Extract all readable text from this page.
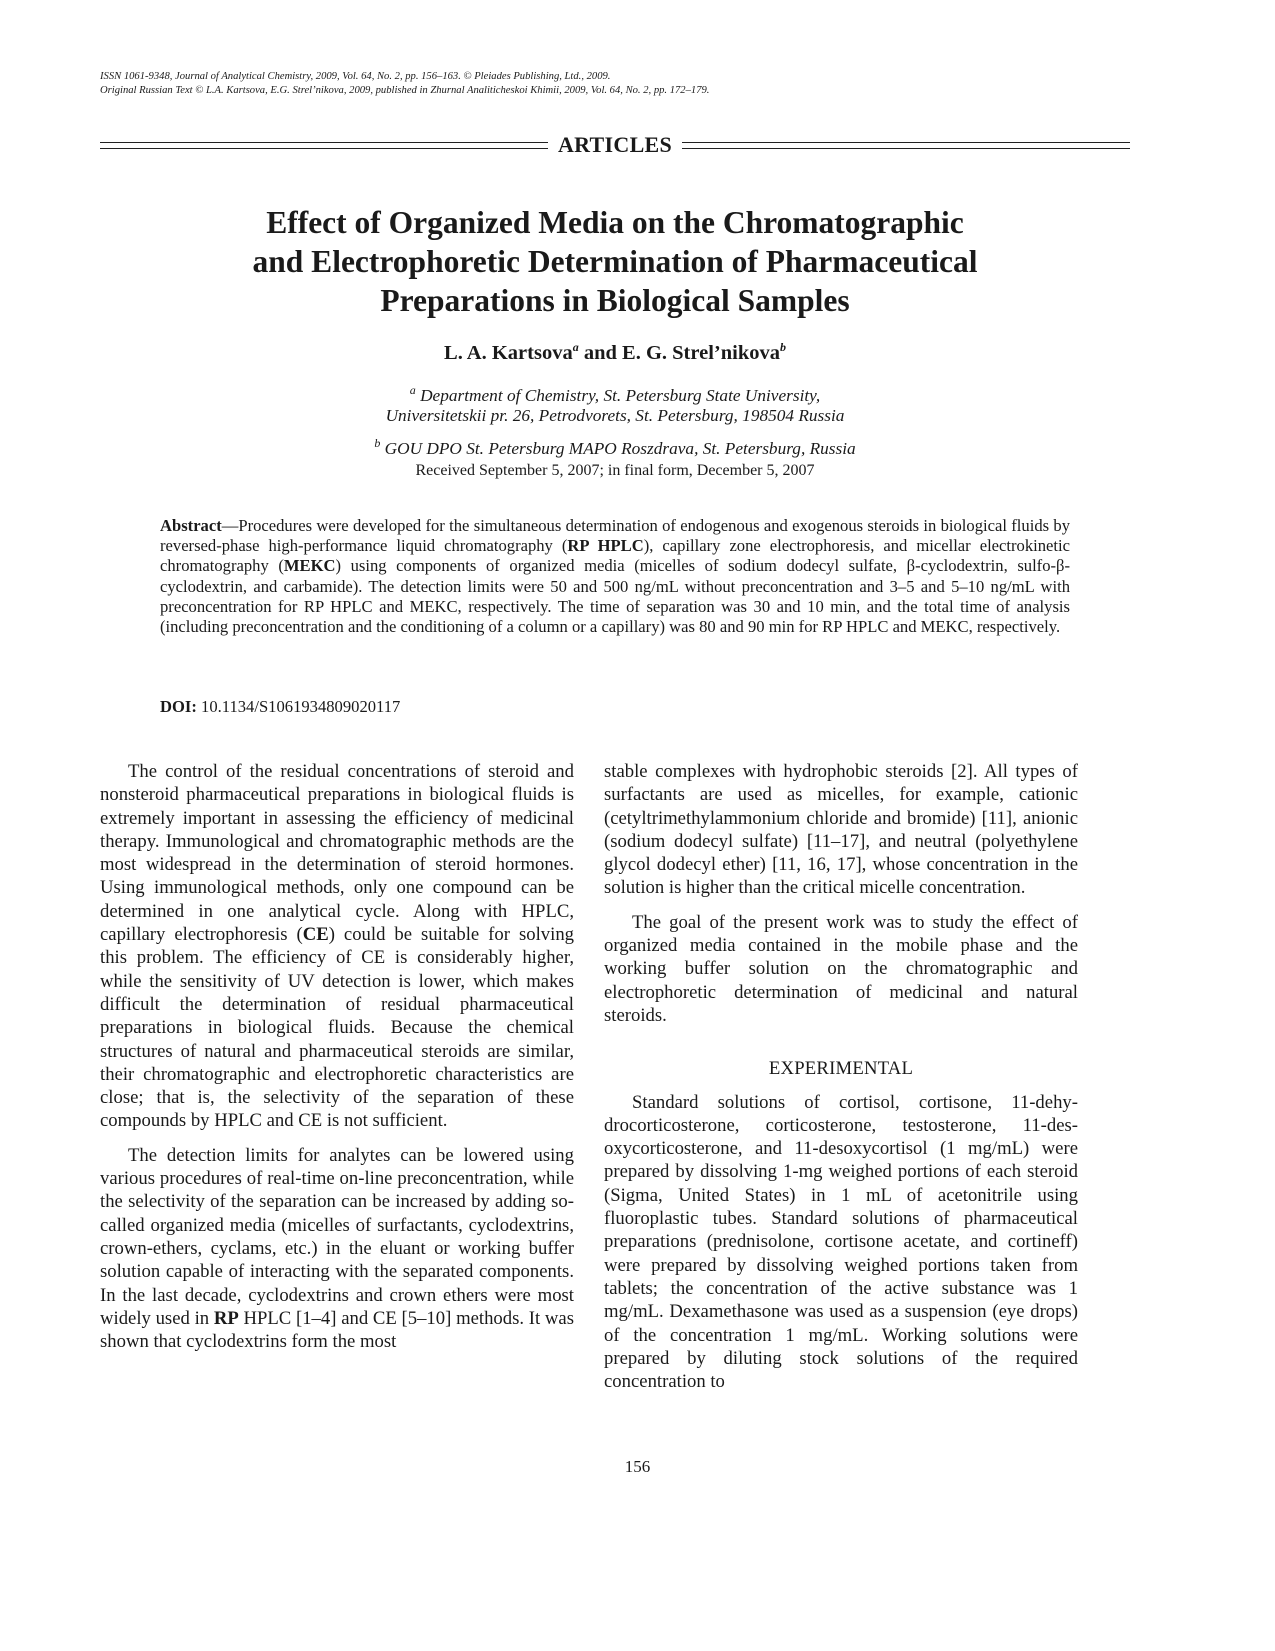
ISSN 1061-9348, Journal of Analytical Chemistry, 2009, Vol. 64, No. 2, pp. 156–163. © Pleiades Publishing, Ltd., 2009.
Original Russian Text © L.A. Kartsova, E.G. Strel’nikova, 2009, published in Zhurnal Analiticheskoi Khimii, 2009, Vol. 64, No. 2, pp. 172–179.
ARTICLES
Effect of Organized Media on the Chromatographic
and Electrophoretic Determination of Pharmaceutical
Preparations in Biological Samples
L. A. Kartsova$^a$ and E. G. Strel’nikova$^b$
$^a$ Department of Chemistry, St. Petersburg State University,
Universitetskii pr. 26, Petrodvorets, St. Petersburg, 198504 Russia
$^b$ GOU DPO St. Petersburg MAPO Roszdrava, St. Petersburg, Russia
Received September 5, 2007; in final form, December 5, 2007
Abstract—Procedures were developed for the simultaneous determination of endogenous and exogenous steroids in biological fluids by reversed-phase high-performance liquid chromatography (RP HPLC), capillary zone electrophoresis, and micellar electrokinetic chromatography (MEKC) using components of organized media (micelles of sodium dodecyl sulfate, β-cyclodextrin, sulfo-β-cyclodextrin, and carbamide). The detection limits were 50 and 500 ng/mL without preconcentration and 3–5 and 5–10 ng/mL with preconcentration for RP HPLC and MEKC, respectively. The time of separation was 30 and 10 min, and the total time of analysis (including preconcentration and the conditioning of a column or a capillary) was 80 and 90 min for RP HPLC and MEKC, respectively.
DOI: 10.1134/S1061934809020117

The control of the residual concentrations of steroid and nonsteroid pharmaceutical preparations in biological fluids is extremely important in assessing the efficiency of medicinal therapy. Immunological and chromatographic methods are the most widespread in the determination of steroid hormones. Using immunological methods, only one compound can be determined in one analytical cycle. Along with HPLC, capillary electrophoresis (CE) could be suitable for solving this problem. The efficiency of CE is considerably higher, while the sensitivity of UV detection is lower, which makes difficult the determination of residual pharmaceutical preparations in biological fluids. Because the chemical structures of natural and pharmaceutical steroids are similar, their chromatographic and electrophoretic characteristics are close; that is, the selectivity of the separation of these compounds by HPLC and CE is not sufficient.

The detection limits for analytes can be lowered using various procedures of real-time on-line preconcentration, while the selectivity of the separation can be increased by adding so-called organized media (micelles of surfactants, cyclodextrins, crown-ethers, cyclams, etc.) in the eluant or working buffer solution capable of interacting with the separated components. In the last decade, cyclodextrins and crown ethers were most widely used in RP HPLC [1–4] and CE [5–10] methods. It was shown that cyclodextrins form the most

stable complexes with hydrophobic steroids [2]. All types of surfactants are used as micelles, for example, cationic (cetyltrimethylammonium chloride and bromide) [11], anionic (sodium dodecyl sulfate) [11–17], and neutral (polyethylene glycol dodecyl ether) [11, 16, 17], whose concentration in the solution is higher than the critical micelle concentration.

The goal of the present work was to study the effect of organized media contained in the mobile phase and the working buffer solution on the chromatographic and electrophoretic determination of medicinal and natural steroids.

EXPERIMENTAL

Standard solutions of cortisol, cortisone, 11-dehydrocorticosterone, corticosterone, testosterone, 11-desoxycorticosterone, and 11-desoxycortisol (1 mg/mL) were prepared by dissolving 1-mg weighed portions of each steroid (Sigma, United States) in 1 mL of acetonitrile using fluoroplastic tubes. Standard solutions of pharmaceutical preparations (prednisolone, cortisone acetate, and cortineff) were prepared by dissolving weighed portions taken from tablets; the concentration of the active substance was 1 mg/mL. Dexamethasone was used as a suspension (eye drops) of the concentration 1 mg/mL. Working solutions were prepared by diluting stock solutions of the required concentration to

156
